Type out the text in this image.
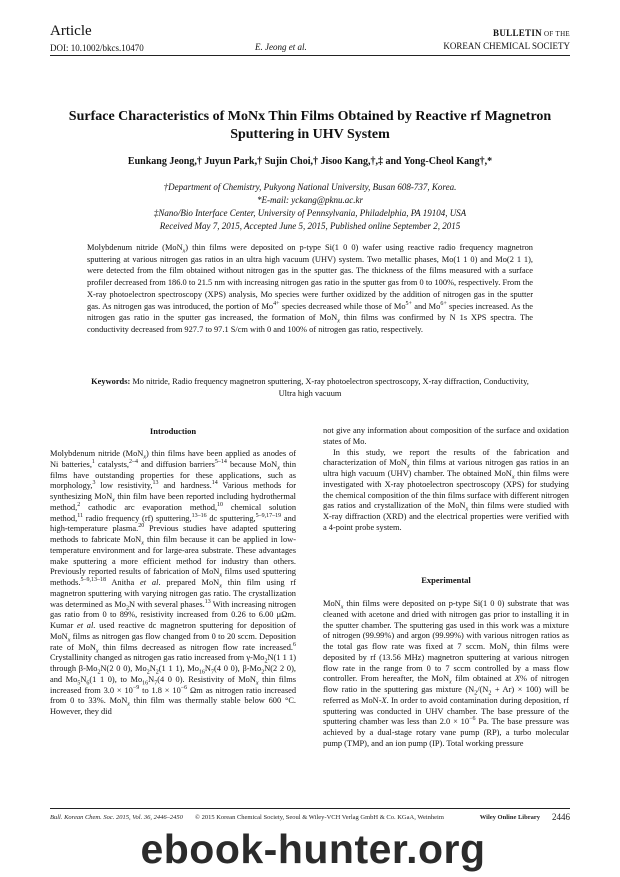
Article
DOI: 10.1002/bkcs.10470	E. Jeong et al.
BULLETIN OF THE
KOREAN CHEMICAL SOCIETY
Surface Characteristics of MoNx Thin Films Obtained by Reactive rf Magnetron Sputtering in UHV System
Eunkang Jeong,† Juyun Park,† Sujin Choi,† Jisoo Kang,†,‡ and Yong-Cheol Kang†,*
†Department of Chemistry, Pukyong National University, Busan 608-737, Korea.
*E-mail: yckang@pknu.ac.kr
‡Nano/Bio Interface Center, University of Pennsylvania, Philadelphia, PA 19104, USA
Received May 7, 2015, Accepted June 5, 2015, Published online September 2, 2015
Molybdenum nitride (MoN$_x$) thin films were deposited on p-type Si(1 0 0) wafer using reactive radio frequency magnetron sputtering at various nitrogen gas ratios in an ultra high vacuum (UHV) system. Two metallic phases, Mo(1 1 0) and Mo(2 1 1), were detected from the film obtained without nitrogen gas in the sputter gas. The thickness of the films measured with a surface profiler decreased from 186.0 to 21.5 nm with increasing nitrogen gas ratio in the sputter gas from 0 to 100%, respectively. From the X-ray photoelectron spectroscopy (XPS) analysis, Mo species were further oxidized by the addition of nitrogen gas in the sputter gas. As nitrogen gas was introduced, the portion of $Mo^{4+}$ species decreased while those of $Mo^{5+}$ and $Mo^{6+}$ species increased. As the nitrogen gas ratio in the sputter gas increased, the formation of MoN$_x$ thin films was confirmed by N 1s XPS spectra. The conductivity decreased from 927.7 to 97.1 S/cm with 0 and 100% of nitrogen gas ratio, respectively.
Keywords: Mo nitride, Radio frequency magnetron sputtering, X-ray photoelectron spectroscopy, X-ray diffraction, Conductivity, Ultra high vacuum
Introduction

Molybdenum nitride (MoN$_x$) thin films have been applied as anodes of Ni batteries,$^1$ catalysts,$^{2-4}$ and diffusion barriers$^{5-14}$ because MoN$_x$ thin films have outstanding properties for these applications, such as morphology,$^3$ low resistivity,$^{13}$ and hardness.$^{14}$ Various methods for synthesizing MoN$_x$ thin film have been reported including hydrothermal method,$^2$ cathodic arc evaporation method,$^{10}$ chemical solution method,$^{11}$ radio frequency (rf) sputtering,$^{13-16}$ dc sputtering,$^{5-9,17-19}$ and high-temperature plasma.$^{20}$ Previous studies have adapted sputtering methods to fabricate MoN$_x$ thin film because it can be applied in low-temperature environment and for large-area substrate. These advantages make sputtering a more efficient method for industry than others. Previously reported results of fabrication of MoN$_x$ films used sputtering methods.$^{5-9,13-18}$ Anitha et al. prepared MoN$_x$ thin film using rf magnetron sputtering with varying nitrogen gas ratio. The crystallization was determined as $Mo_2N$ with several phases.$^{13}$ With increasing nitrogen gas ratio from 0 to 89%, resistivity increased from 0.26 to 6.00 μΩm. Kumar et al. used reactive dc magnetron sputtering for deposition of MoN$_x$ films as nitrogen gas flow changed from 0 to 20 sccm. Deposition rate of MoN$_x$ thin films decreased as nitrogen flow rate increased.$^6$ Crystallinity changed as nitrogen gas ratio increased from $\gamma-Mo_2N(1$ 1 1) through $\beta-Mo_2N(2$ 0 0), $Mo_2N_2(1$ 1 1), $Mo_{16}N_7(4$ 0 0), $\beta-Mo_2N(2$ 2 0), and $Mo_5N_6(1$ 1 0), to $Mo_{16}N_7(4$ 0 0). Resistivity of MoN$_x$ thin films increased from $3.0 \times 10^{-9}$ to $1.8 \times 10^{-6}$ Ωm as nitrogen ratio increased from 0 to 33%. MoN$_x$ thin film was thermally stable below 600 °C. However, they did

not give any information about composition of the surface and oxidation states of Mo.

In this study, we report the results of the fabrication and characterization of MoN$_x$ thin films at various nitrogen gas ratios in an ultra high vacuum (UHV) chamber. The obtained MoN$_x$ thin films were investigated with X-ray photoelectron spectroscopy (XPS) for studying the chemical composition of the thin films surface with different nitrogen gas ratios and crystallization of the MoN$_x$ thin films were studied with X-ray diffraction (XRD) and the electrical properties were verified with a 4-point probe system.

Experimental

MoN$_x$ thin films were deposited on p-type Si(1 0 0) substrate that was cleaned with acetone and dried with nitrogen gas prior to installing it in the sputter chamber. The sputtering gas used in this work was a mixture of nitrogen (99.99%) and argon (99.99%) with various nitrogen ratios as the total gas flow rate was fixed at 7 sccm. MoN$_x$ thin films were deposited by rf (13.56 MHz) magnetron sputtering at various nitrogen flow rate in the range from 0 to 7 sccm controlled by a mass flow controller. From hereafter, the MoN$_x$ film obtained at X% of nitrogen flow ratio in the sputtering gas mixture $(N_2/(N_2 + Ar) \times 100)$ will be referred as MoN-X. In order to avoid contamination during deposition, rf sputtering was conducted in UHV chamber. The base pressure of the sputtering chamber was less than $2.0 \times 10^{-6}$ Pa. The base pressure was achieved by a dual-stage rotary vane pump (RP), a turbo molecular pump (TMP), and an ion pump (IP). Total working pressure

Bull. Korean Chem. Soc. 2015, Vol. 36, 2446–2450 © 2015 Korean Chemical Society, Seoul & Wiley-VCH Verlag GmbH & Co. KGaA, Weinheim	Wiley Online Library 2446
ebook-hunter.org
